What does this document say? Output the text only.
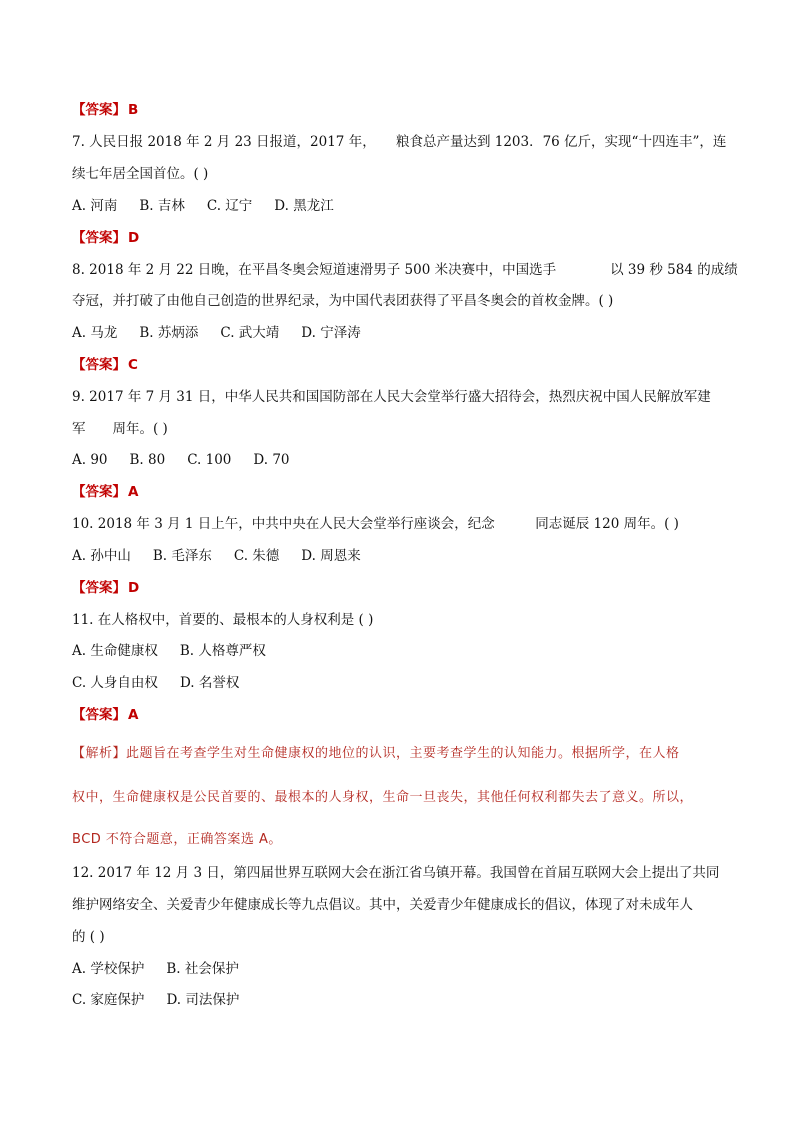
【答案】 B
7. 人民日报 2018 年 2 月 23 日报道，2017 年，　　粮食总产量达到 1203．76 亿斤，实现“十四连丰”，连
续七年居全国首位。( )
A. 河南 B. 吉林 C. 辽宁 D. 黑龙江
【答案】 D
8. 2018 年 2 月 22 日晚，在平昌冬奥会短道速滑男子 500 米决赛中，中国选手　　　　以 39 秒 584 的成绩
夺冠，并打破了由他自己创造的世界纪录，为中国代表团获得了平昌冬奥会的首枚金牌。( )
A. 马龙 B. 苏炳添 C. 武大靖 D. 宁泽涛
【答案】 C
9. 2017 年 7 月 31 日，中华人民共和国国防部在人民大会堂举行盛大招待会，热烈庆祝中国人民解放军建
军　　周年。( )
A. 90 B. 80 C. 100 D. 70
【答案】 A
10. 2018 年 3 月 1 日上午，中共中央在人民大会堂举行座谈会，纪念　　　同志诞辰 120 周年。( )
A. 孙中山 B. 毛泽东 C. 朱德 D. 周恩来
【答案】 D
11. 在人格权中，首要的、最根本的人身权利是 ( )
A. 生命健康权 B. 人格尊严权
C. 人身自由权 D. 名誉权
【答案】 A
【解析】此题旨在考查学生对生命健康权的地位的认识，主要考查学生的认知能力。根据所学，在人格
权中，生命健康权是公民首要的、最根本的人身权，生命一旦丧失，其他任何权利都失去了意义。所以，
BCD 不符合题意，正确答案选 A。
12. 2017 年 12 月 3 日，第四届世界互联网大会在浙江省乌镇开幕。我国曾在首届互联网大会上提出了共同
维护网络安全、关爱青少年健康成长等九点倡议。其中，关爱青少年健康成长的倡议，体现了对未成年人
的 ( )
A. 学校保护 B. 社会保护
C. 家庭保护 D. 司法保护
